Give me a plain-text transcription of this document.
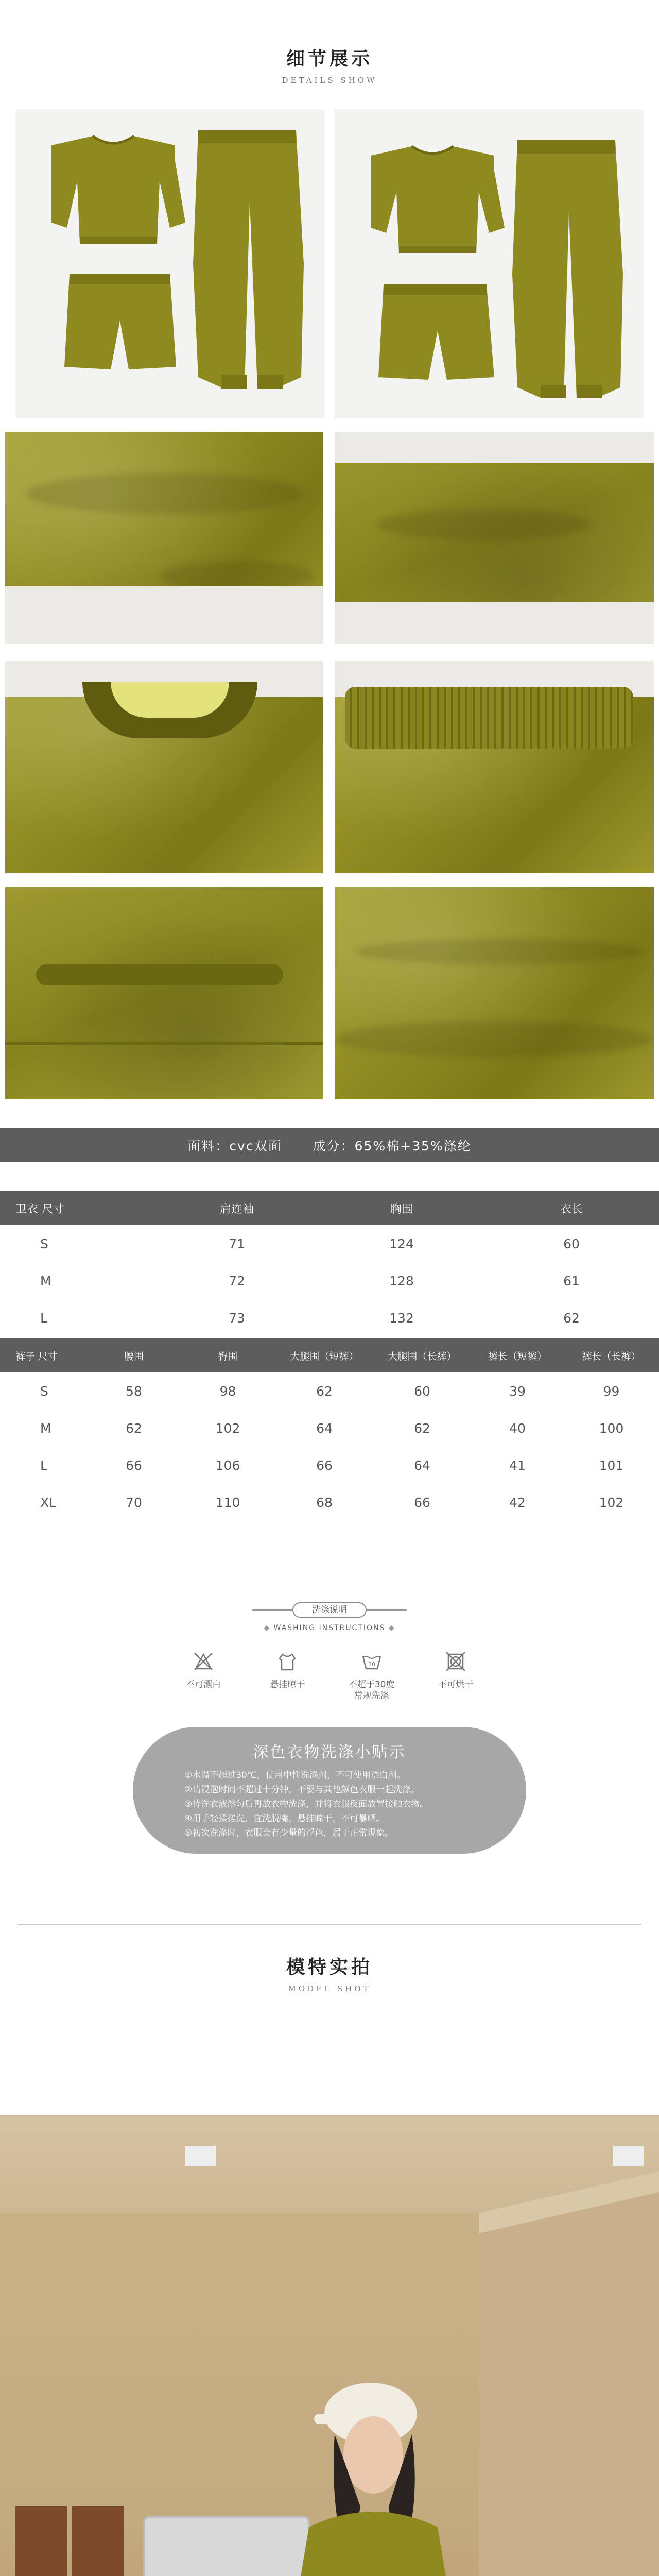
细节展示
DETAILS SHOW
面料：cvc双面 成分：65%棉+35%涤纶
卫衣 尺寸	肩连袖	胸围	衣长
S	71	124	60
M	72	128	61
L	73	132	62
裤子 尺寸	腰围	臀围	大腿围（短裤）	大腿围（长裤）	裤长（短裤）	裤长（长裤）
S	58	98	62	60	39	99
M	62	102	64	62	40	100
L	66	106	66	64	41	101
XL	70	110	68	66	42	102
洗涤说明
◆ WASHING INSTRUCTIONS ◆
不可漂白	悬挂晾干
30
不超于30度
常规洗涤
不可烘干
深色衣物洗涤小贴示
①水温不超过30℃，使用中性洗涤剂，不可使用漂白剂。
②请浸泡时间不超过十分钟，不要与其他颜色衣服一起洗涤。
③待洗衣液溶匀后再放衣物洗涤，并将衣服反面放置接触衣物。
④用手轻揉搓洗，宜洗脱嘴，悬挂晾干，不可暴晒。
⑤初次洗涤时，衣服会有少量的浮色，属于正常现象。
模特实拍
MODEL SHOT
